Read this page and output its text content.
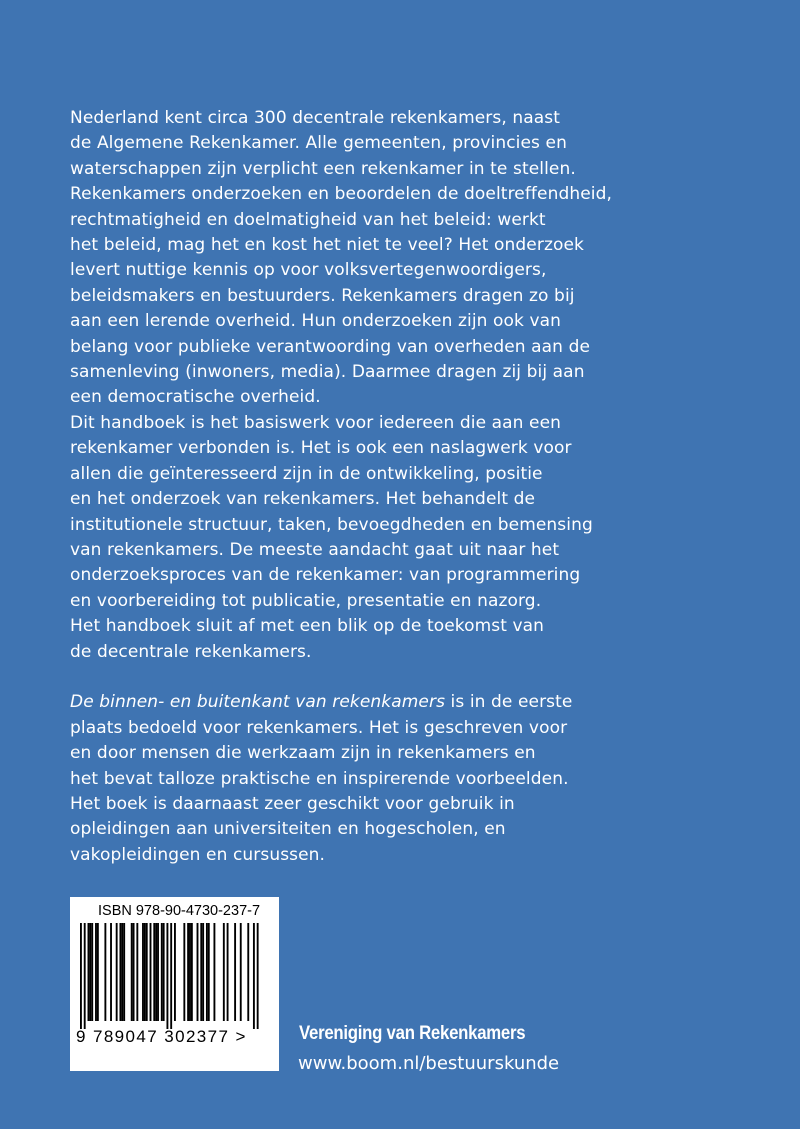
Nederland kent circa 300 decentrale rekenkamers, naast
de Algemene Rekenkamer. Alle gemeenten, provincies en
waterschappen zijn verplicht een rekenkamer in te stellen.
Rekenkamers onderzoeken en beoordelen de doeltreffendheid,
rechtmatigheid en doelmatigheid van het beleid: werkt
het beleid, mag het en kost het niet te veel? Het onderzoek
levert nuttige kennis op voor volksvertegenwoordigers,
beleidsmakers en bestuurders. Rekenkamers dragen zo bij
aan een lerende overheid. Hun onderzoeken zijn ook van
belang voor publieke verantwoording van overheden aan de
samenleving (inwoners, media). Daarmee dragen zij bij aan
een democratische overheid.
Dit handboek is het basiswerk voor iedereen die aan een
rekenkamer verbonden is. Het is ook een naslagwerk voor
allen die geïnteresseerd zijn in de ontwikkeling, positie
en het onderzoek van rekenkamers. Het behandelt de
institutionele structuur, taken, bevoegdheden en bemensing
van rekenkamers. De meeste aandacht gaat uit naar het
onderzoeksproces van de rekenkamer: van programmering
en voorbereiding tot publicatie, presentatie en nazorg.
Het handboek sluit af met een blik op de toekomst van
de decentrale rekenkamers.
De binnen- en buitenkant van rekenkamers is in de eerste
plaats bedoeld voor rekenkamers. Het is geschreven voor
en door mensen die werkzaam zijn in rekenkamers en
het bevat talloze praktische en inspirerende voorbeelden.
Het boek is daarnaast zeer geschikt voor gebruik in
opleidingen aan universiteiten en hogescholen, en
vakopleidingen en cursussen.
ISBN 978-90-4730-237-7
9 789047 302377 >	Vereniging van Rekenkamers
www.boom.nl/bestuurskunde
